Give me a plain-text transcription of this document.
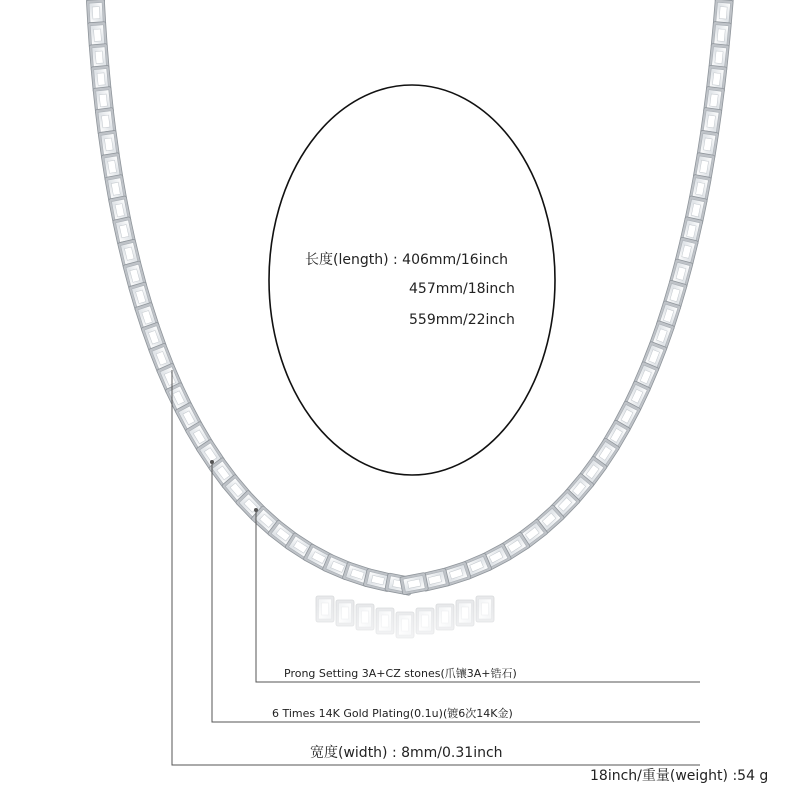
长度(length) : 406mm/16inch
457mm/18inch
559mm/22inch
Prong Setting 3A+CZ stones(爪镶3A+锆石)
6 Times 14K Gold Plating(0.1u)(镀6次14K金)
宽度(width) : 8mm/0.31inch
18inch/重量(weight) :54 g
